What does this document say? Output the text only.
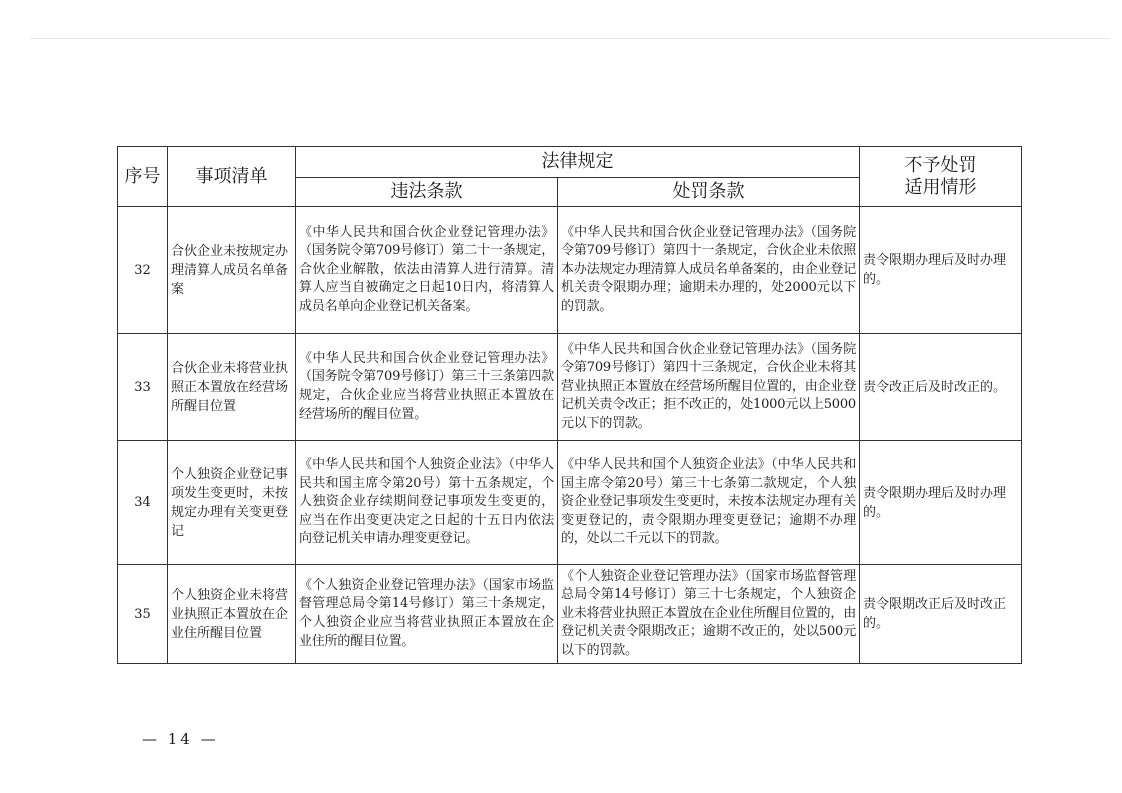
序号	事项清单	法律规定		不予处罚
适用情形
		违法条款	处罚条款	
32	合伙企业未按规定办理清算人成员名单备案	《中华人民共和国合伙企业登记管理办法》（国务院令第709号修订）第二十一条规定，合伙企业解散，依法由清算人进行清算。清算人应当自被确定之日起10日内，将清算人成员名单向企业登记机关备案。	《中华人民共和国合伙企业登记管理办法》（国务院令第709号修订）第四十一条规定，合伙企业未依照本办法规定办理清算人成员名单备案的，由企业登记机关责令限期办理；逾期未办理的，处2000元以下的罚款。	责令限期办理后及时办理的。
33	合伙企业未将营业执照正本置放在经营场所醒目位置	《中华人民共和国合伙企业登记管理办法》（国务院令第709号修订）第三十三条第四款规定，合伙企业应当将营业执照正本置放在经营场所的醒目位置。	《中华人民共和国合伙企业登记管理办法》（国务院令第709号修订）第四十三条规定，合伙企业未将其营业执照正本置放在经营场所醒目位置的，由企业登记机关责令改正；拒不改正的，处1000元以上5000元以下的罚款。	责令改正后及时改正的。
34	个人独资企业登记事项发生变更时，未按规定办理有关变更登记	《中华人民共和国个人独资企业法》（中华人民共和国主席令第20号）第十五条规定，个人独资企业存续期间登记事项发生变更的，应当在作出变更决定之日起的十五日内依法向登记机关申请办理变更登记。	《中华人民共和国个人独资企业法》（中华人民共和国主席令第20号）第三十七条第二款规定，个人独资企业登记事项发生变更时，未按本法规定办理有关变更登记的，责令限期办理变更登记；逾期不办理的，处以二千元以下的罚款。	责令限期办理后及时办理的。
35	个人独资企业未将营业执照正本置放在企业住所醒目位置	《个人独资企业登记管理办法》（国家市场监督管理总局令第14号修订）第三十条规定，个人独资企业应当将营业执照正本置放在企业住所的醒目位置。	《个人独资企业登记管理办法》（国家市场监督管理总局令第14号修订）第三十七条规定，个人独资企业未将营业执照正本置放在企业住所醒目位置的，由登记机关责令限期改正；逾期不改正的，处以500元以下的罚款。	责令限期改正后及时改正的。
— 14 —
